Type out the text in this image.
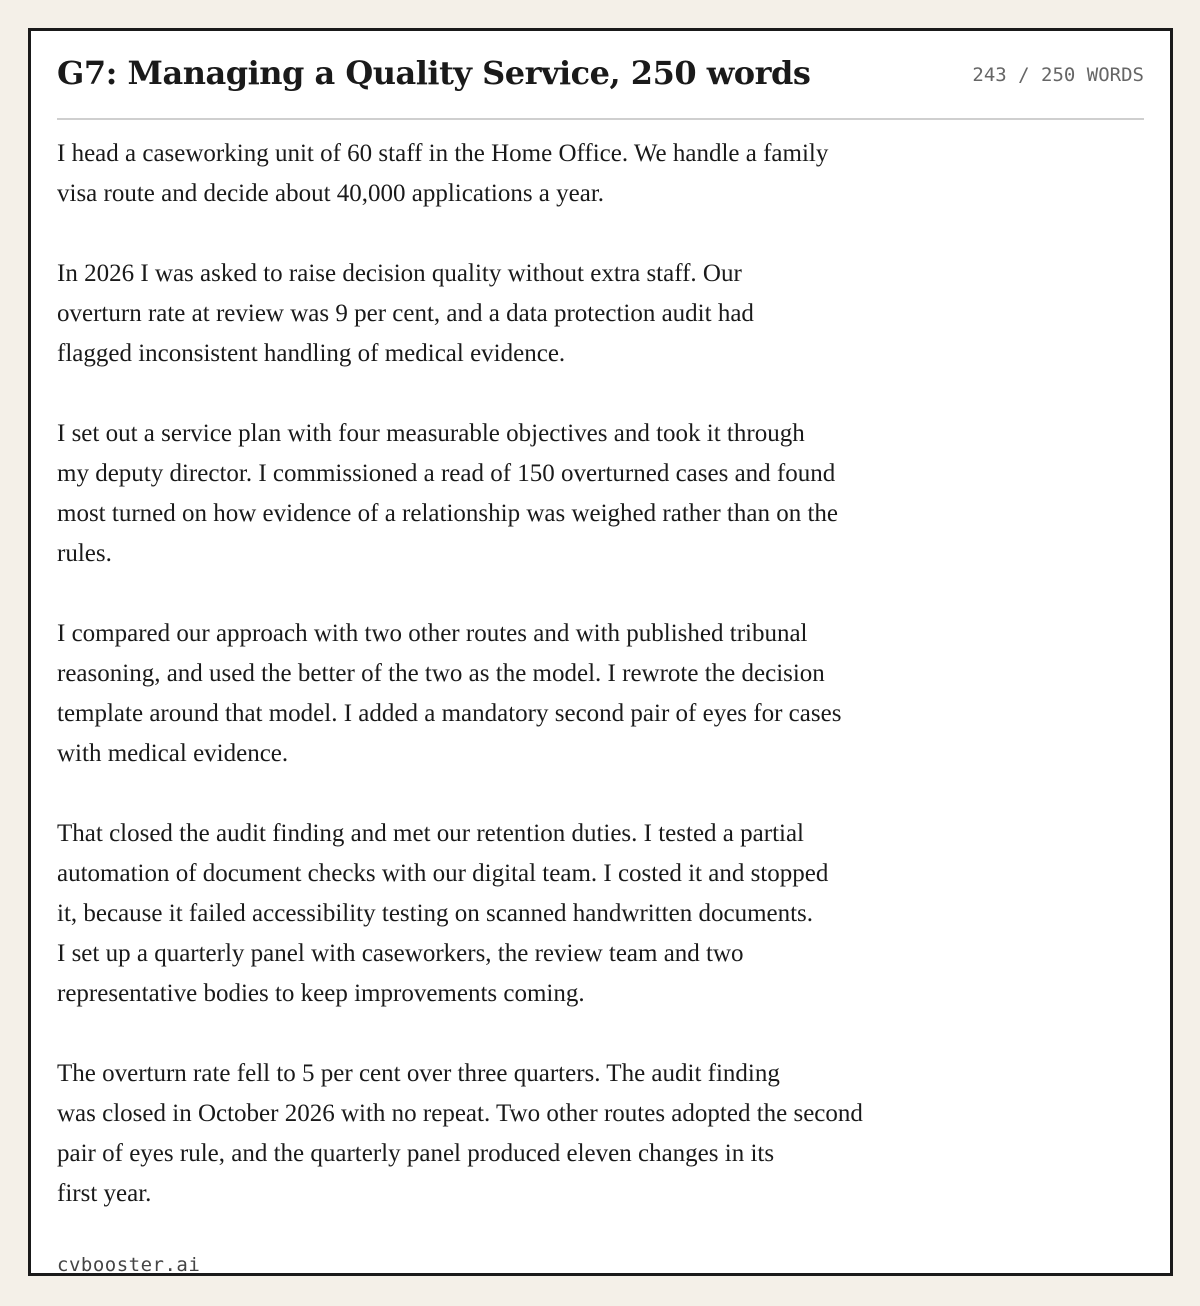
G7: Managing a Quality Service, 250 words	243 / 250 WORDS

I head a caseworking unit of 60 staff in the Home Office. We handle a family
visa route and decide about 40,000 applications a year.

In 2026 I was asked to raise decision quality without extra staff. Our
overturn rate at review was 9 per cent, and a data protection audit had
flagged inconsistent handling of medical evidence.

I set out a service plan with four measurable objectives and took it through
my deputy director. I commissioned a read of 150 overturned cases and found
most turned on how evidence of a relationship was weighed rather than on the
rules.

I compared our approach with two other routes and with published tribunal
reasoning, and used the better of the two as the model. I rewrote the decision
template around that model. I added a mandatory second pair of eyes for cases
with medical evidence.

That closed the audit finding and met our retention duties. I tested a partial
automation of document checks with our digital team. I costed it and stopped
it, because it failed accessibility testing on scanned handwritten documents.
I set up a quarterly panel with caseworkers, the review team and two
representative bodies to keep improvements coming.

The overturn rate fell to 5 per cent over three quarters. The audit finding
was closed in October 2026 with no repeat. Two other routes adopted the second
pair of eyes rule, and the quarterly panel produced eleven changes in its
first year.

cvbooster.ai
